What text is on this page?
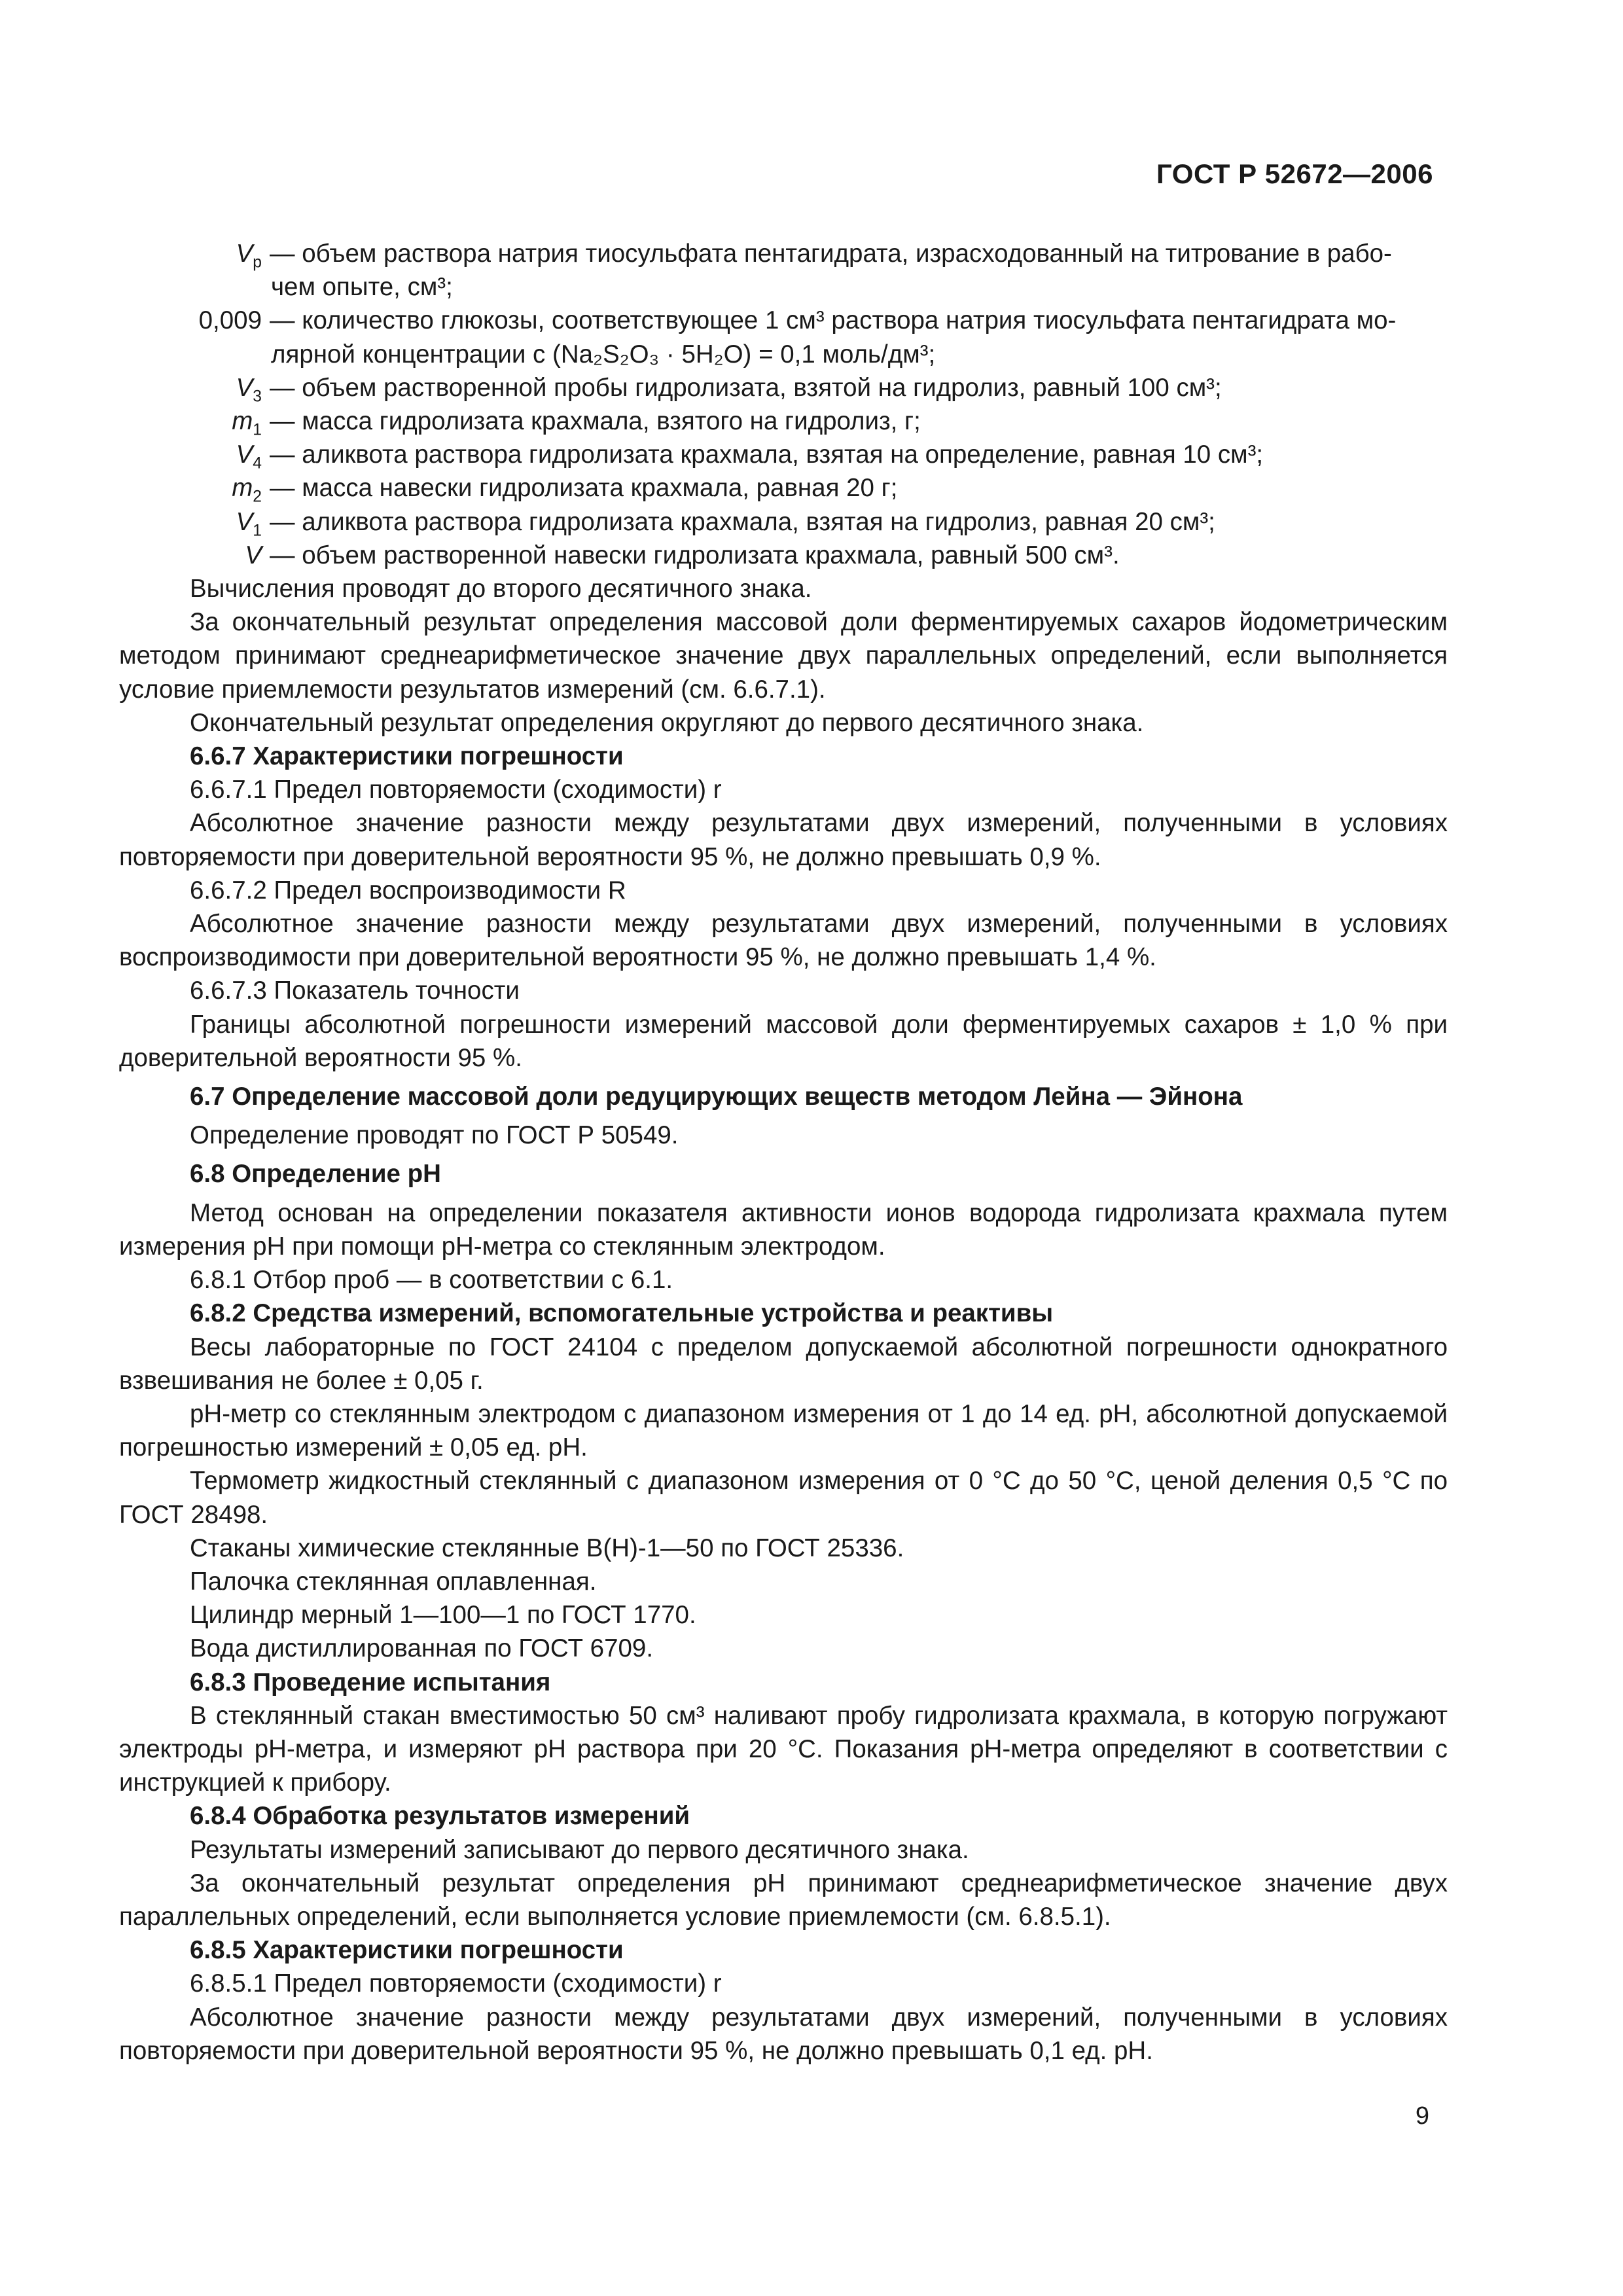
ГОСТ Р 52672—2006
$V_р$ — объем раствора натрия тиосульфата пентагидрата, израсходованный на титрование в рабо-
чем опыте, см³;
0,009 — количество глюкозы, соответствующее 1 см³ раствора натрия тиосульфата пентагидрата мо-
лярной концентрации c (Na₂S₂O₃ · 5H₂O) = 0,1 моль/дм³;
$V_3$ — объем растворенной пробы гидролизата, взятой на гидролиз, равный 100 см³;
$m_1$ — масса гидролизата крахмала, взятого на гидролиз, г;
$V_4$ — аликвота раствора гидролизата крахмала, взятая на определение, равная 10 см³;
$m_2$ — масса навески гидролизата крахмала, равная 20 г;
$V_1$ — аликвота раствора гидролизата крахмала, взятая на гидролиз, равная 20 см³;
V — объем растворенной навески гидролизата крахмала, равный 500 см³.

Вычисления проводят до второго десятичного знака.

За окончательный результат определения массовой доли ферментируемых сахаров йодометрическим методом принимают среднеарифметическое значение двух параллельных определений, если выполняется условие приемлемости результатов измерений (см. 6.6.7.1).

Окончательный результат определения округляют до первого десятичного знака.

6.6.7 Характеристики погрешности

6.6.7.1 Предел повторяемости (сходимости) r

Абсолютное значение разности между результатами двух измерений, полученными в условиях повторяемости при доверительной вероятности 95 %, не должно превышать 0,9 %.

6.6.7.2 Предел воспроизводимости R

Абсолютное значение разности между результатами двух измерений, полученными в условиях воспроизводимости при доверительной вероятности 95 %, не должно превышать 1,4 %.

6.6.7.3 Показатель точности

Границы абсолютной погрешности измерений массовой доли ферментируемых сахаров ± 1,0 % при доверительной вероятности 95 %.

6.7 Определение массовой доли редуцирующих веществ методом Лейна — Эйнона

Определение проводят по ГОСТ Р 50549.

6.8 Определение pH

Метод основан на определении показателя активности ионов водорода гидролизата крахмала путем измерения pH при помощи pH-метра со стеклянным электродом.

6.8.1 Отбор проб — в соответствии с 6.1.

6.8.2 Средства измерений, вспомогательные устройства и реактивы

Весы лабораторные по ГОСТ 24104 с пределом допускаемой абсолютной погрешности однократного взвешивания не более ± 0,05 г.

pH-метр со стеклянным электродом с диапазоном измерения от 1 до 14 ед. pH, абсолютной допускаемой погрешностью измерений ± 0,05 ед. pH.

Термометр жидкостный стеклянный с диапазоном измерения от 0 °С до 50 °С, ценой деления 0,5 °С по ГОСТ 28498.

Стаканы химические стеклянные В(Н)-1—50 по ГОСТ 25336.

Палочка стеклянная оплавленная.

Цилиндр мерный 1—100—1 по ГОСТ 1770.

Вода дистиллированная по ГОСТ 6709.

6.8.3 Проведение испытания

В стеклянный стакан вместимостью 50 см³ наливают пробу гидролизата крахмала, в которую погружают электроды pH-метра, и измеряют pH раствора при 20 °С. Показания pH-метра определяют в соответствии с инструкцией к прибору.

6.8.4 Обработка результатов измерений

Результаты измерений записывают до первого десятичного знака.

За окончательный результат определения pH принимают среднеарифметическое значение двух параллельных определений, если выполняется условие приемлемости (см. 6.8.5.1).

6.8.5 Характеристики погрешности

6.8.5.1 Предел повторяемости (сходимости) r

Абсолютное значение разности между результатами двух измерений, полученными в условиях повторяемости при доверительной вероятности 95 %, не должно превышать 0,1 ед. pH.

9
